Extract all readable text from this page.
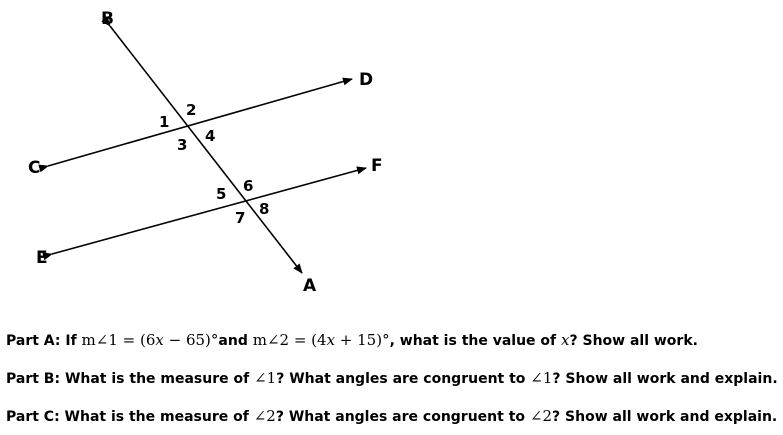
B
D
C	F
E
A
1
2
3 4
5 6
7 8
Part A: If m∠1 = (6x − 65)°and m∠2 = (4x + 15)°, what is the value of x? Show all work.
Part B: What is the measure of ∠1? What angles are congruent to ∠1? Show all work and explain.
Part C: What is the measure of ∠2? What angles are congruent to ∠2? Show all work and explain.
